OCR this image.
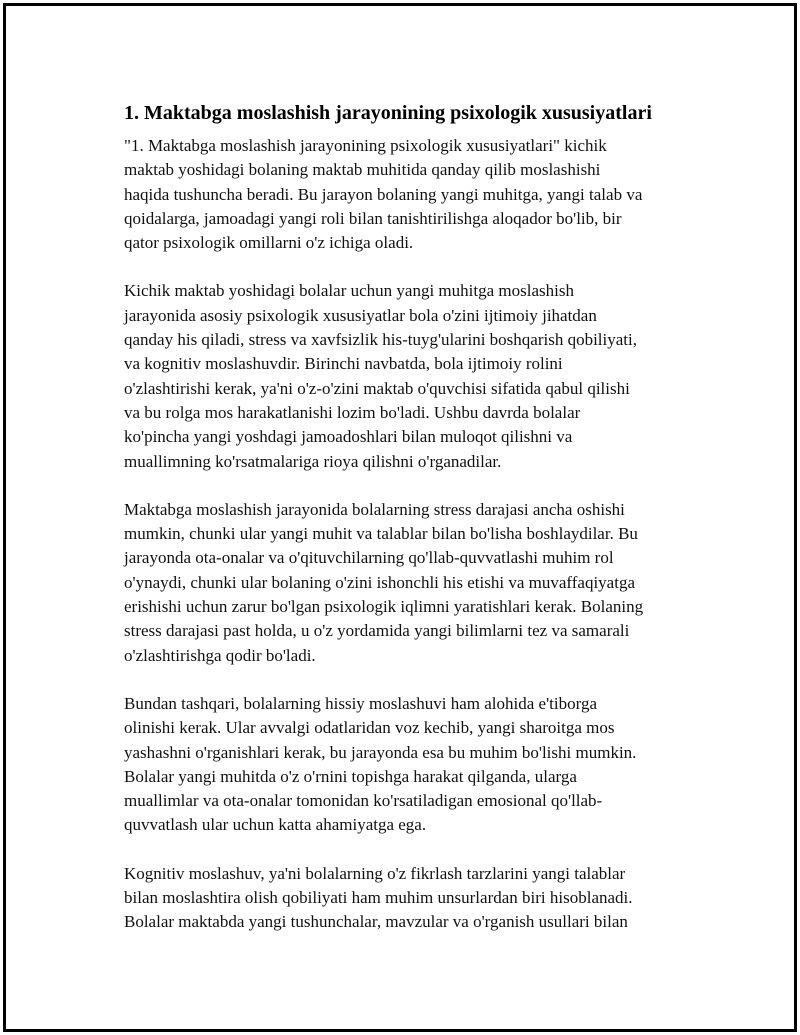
1. Maktabga moslashish jarayonining psixologik xususiyatlari

"1. Maktabga moslashish jarayonining psixologik xususiyatlari" kichik
maktab yoshidagi bolaning maktab muhitida qanday qilib moslashishi
haqida tushuncha beradi. Bu jarayon bolaning yangi muhitga, yangi talab va
qoidalarga, jamoadagi yangi roli bilan tanishtirilishga aloqador bo'lib, bir
qator psixologik omillarni o'z ichiga oladi.

Kichik maktab yoshidagi bolalar uchun yangi muhitga moslashish
jarayonida asosiy psixologik xususiyatlar bola o'zini ijtimoiy jihatdan
qanday his qiladi, stress va xavfsizlik his-tuyg'ularini boshqarish qobiliyati,
va kognitiv moslashuvdir. Birinchi navbatda, bola ijtimoiy rolini
o'zlashtirishi kerak, ya'ni o'z-o'zini maktab o'quvchisi sifatida qabul qilishi
va bu rolga mos harakatlanishi lozim bo'ladi. Ushbu davrda bolalar
ko'pincha yangi yoshdagi jamoadoshlari bilan muloqot qilishni va
muallimning ko'rsatmalariga rioya qilishni o'rganadilar.

Maktabga moslashish jarayonida bolalarning stress darajasi ancha oshishi
mumkin, chunki ular yangi muhit va talablar bilan bo'lisha boshlaydilar. Bu
jarayonda ota-onalar va o'qituvchilarning qo'llab-quvvatlashi muhim rol
o'ynaydi, chunki ular bolaning o'zini ishonchli his etishi va muvaffaqiyatga
erishishi uchun zarur bo'lgan psixologik iqlimni yaratishlari kerak. Bolaning
stress darajasi past holda, u o'z yordamida yangi bilimlarni tez va samarali
o'zlashtirishga qodir bo'ladi.

Bundan tashqari, bolalarning hissiy moslashuvi ham alohida e'tiborga
olinishi kerak. Ular avvalgi odatlaridan voz kechib, yangi sharoitga mos
yashashni o'rganishlari kerak, bu jarayonda esa bu muhim bo'lishi mumkin.
Bolalar yangi muhitda o'z o'rnini topishga harakat qilganda, ularga
muallimlar va ota-onalar tomonidan ko'rsatiladigan emosional qo'llab-
quvvatlash ular uchun katta ahamiyatga ega.

Kognitiv moslashuv, ya'ni bolalarning o'z fikrlash tarzlarini yangi talablar
bilan moslashtira olish qobiliyati ham muhim unsurlardan biri hisoblanadi.
Bolalar maktabda yangi tushunchalar, mavzular va o'rganish usullari bilan
